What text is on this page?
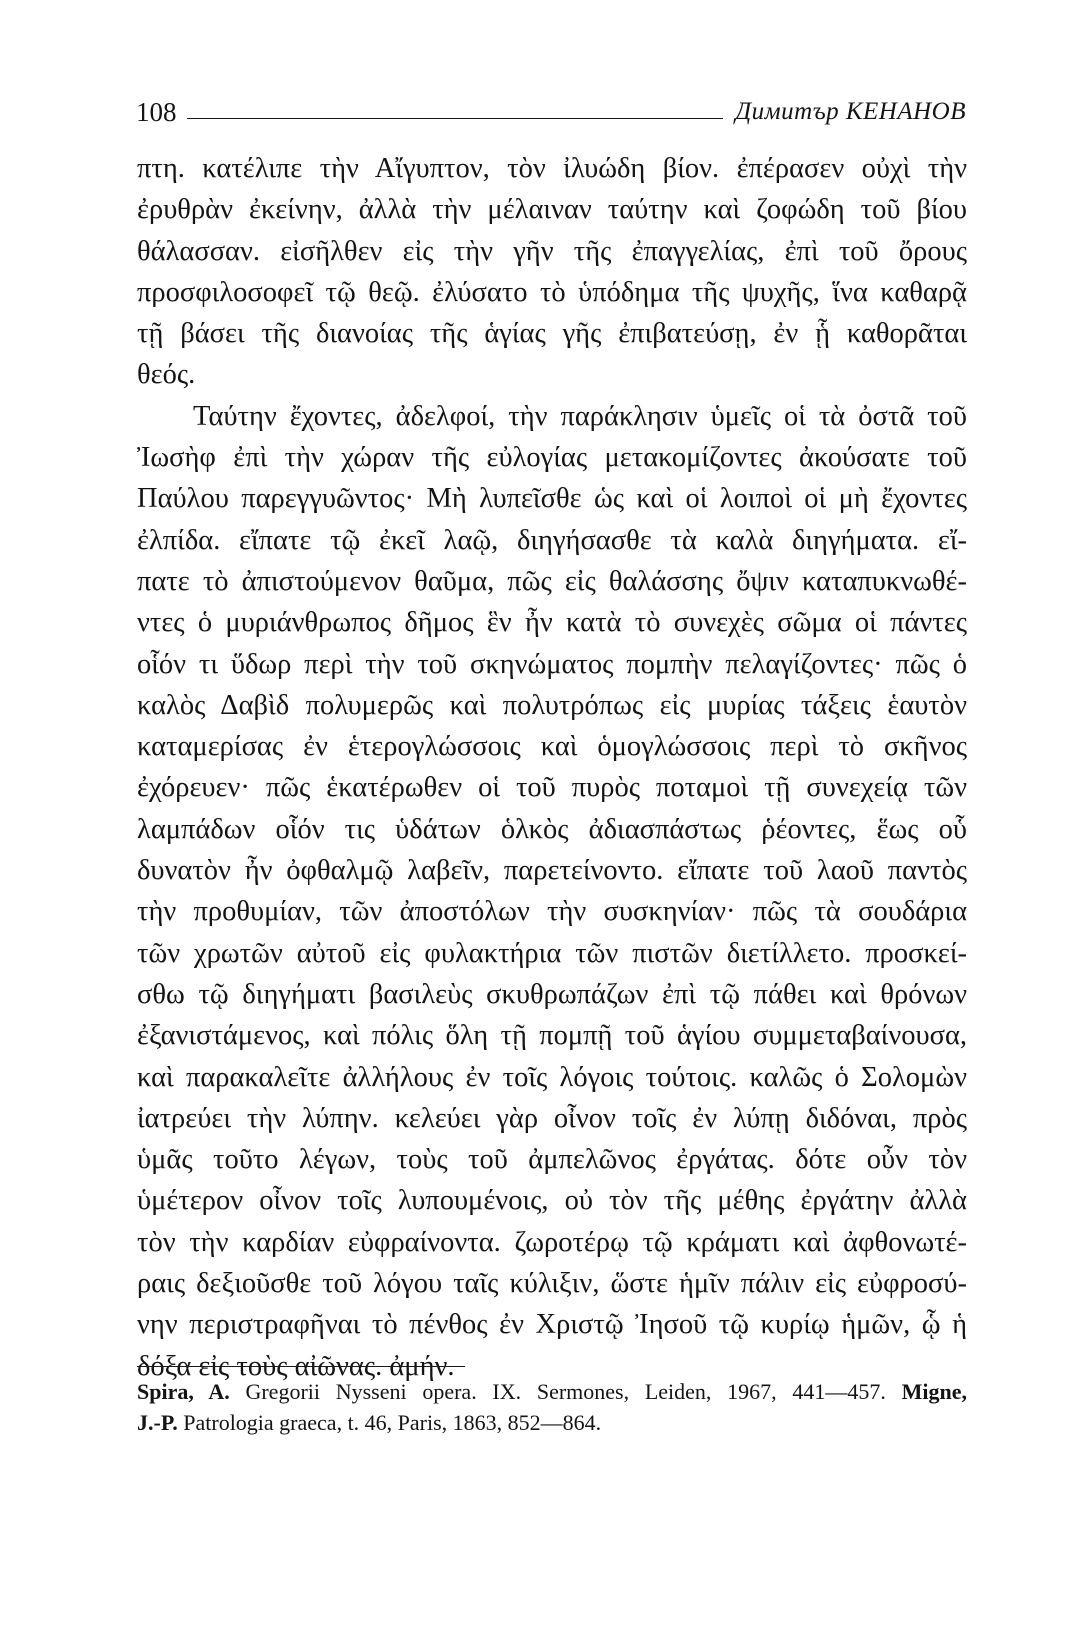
108	Димитър КЕНАНОВ
πτη. κατέλιπε τὴν Αἴγυπτον, τὸν ἰλυώδη βίον. ἐπέρασεν οὐχὶ τὴν
ἐρυθρὰν ἐκείνην, ἀλλὰ τὴν μέλαιναν ταύτην καὶ ζοφώδη τοῦ βίου
θάλασσαν. εἰσῆλθεν εἰς τὴν γῆν τῆς ἐπαγγελίας, ἐπὶ τοῦ ὄρους
προσφιλοσοφεῖ τῷ θεῷ. ἐλύσατο τὸ ὑπόδημα τῆς ψυχῆς, ἵνα καθαρᾷ
τῇ βάσει τῆς διανοίας τῆς ἁγίας γῆς ἐπιβατεύσῃ, ἐν ᾗ καθορᾶται
θεός.
Ταύτην ἔχοντες, ἀδελφοί, τὴν παράκλησιν ὑμεῖς οἱ τὰ ὀστᾶ τοῦ
Ἰωσὴφ ἐπὶ τὴν χώραν τῆς εὐλογίας μετακομίζοντες ἀκούσατε τοῦ
Παύλου παρεγγυῶντος· Μὴ λυπεῖσθε ὡς καὶ οἱ λοιποὶ οἱ μὴ ἔχοντες
ἐλπίδα. εἴπατε τῷ ἐκεῖ λαῷ, διηγήσασθε τὰ καλὰ διηγήματα. εἴ-
πατε τὸ ἀπιστούμενον θαῦμα, πῶς εἰς θαλάσσης ὄψιν καταπυκνωθέ-
ντες ὁ μυριάνθρωπος δῆμος ἓν ἦν κατὰ τὸ συνεχὲς σῶμα οἱ πάντες
οἷόν τι ὕδωρ περὶ τὴν τοῦ σκηνώματος πομπὴν πελαγίζοντες· πῶς ὁ
καλὸς Δαβὶδ πολυμερῶς καὶ πολυτρόπως εἰς μυρίας τάξεις ἑαυτὸν
καταμερίσας ἐν ἑτερογλώσσοις καὶ ὁμογλώσσοις περὶ τὸ σκῆνος
ἐχόρευεν· πῶς ἑκατέρωθεν οἱ τοῦ πυρὸς ποταμοὶ τῇ συνεχείᾳ τῶν
λαμπάδων οἷόν τις ὑδάτων ὁλκὸς ἀδιασπάστως ῥέοντες, ἕως οὗ
δυνατὸν ἦν ὀφθαλμῷ λαβεῖν, παρετείνοντο. εἴπατε τοῦ λαοῦ παντὸς
τὴν προθυμίαν, τῶν ἀποστόλων τὴν συσκηνίαν· πῶς τὰ σουδάρια
τῶν χρωτῶν αὐτοῦ εἰς φυλακτήρια τῶν πιστῶν διετίλλετο. προσκεί-
σθω τῷ διηγήματι βασιλεὺς σκυθρωπάζων ἐπὶ τῷ πάθει καὶ θρόνων
ἐξανιστάμενος, καὶ πόλις ὅλη τῇ πομπῇ τοῦ ἁγίου συμμεταβαίνουσα,
καὶ παρακαλεῖτε ἀλλήλους ἐν τοῖς λόγοις τούτοις. καλῶς ὁ Σολομὼν
ἰατρεύει τὴν λύπην. κελεύει γὰρ οἶνον τοῖς ἐν λύπῃ διδόναι, πρὸς
ὑμᾶς τοῦτο λέγων, τοὺς τοῦ ἀμπελῶνος ἐργάτας. δότε οὖν τὸν
ὑμέτερον οἶνον τοῖς λυπουμένοις, οὐ τὸν τῆς μέθης ἐργάτην ἀλλὰ
τὸν τὴν καρδίαν εὐφραίνοντα. ζωροτέρῳ τῷ κράματι καὶ ἀφθονωτέ-
ραις δεξιοῦσθε τοῦ λόγου ταῖς κύλιξιν, ὥστε ἡμῖν πάλιν εἰς εὐφροσύ-
νην περιστραφῆναι τὸ πένθος ἐν Χριστῷ Ἰησοῦ τῷ κυρίῳ ἡμῶν, ᾧ ἡ
δόξα εἰς τοὺς αἰῶνας. ἀμήν.
Spira, A. Gregorii Nysseni opera. IX. Sermones, Leiden, 1967, 441—457. Migne,
J.-P. Patrologia graeca, t. 46, Paris, 1863, 852—864.
